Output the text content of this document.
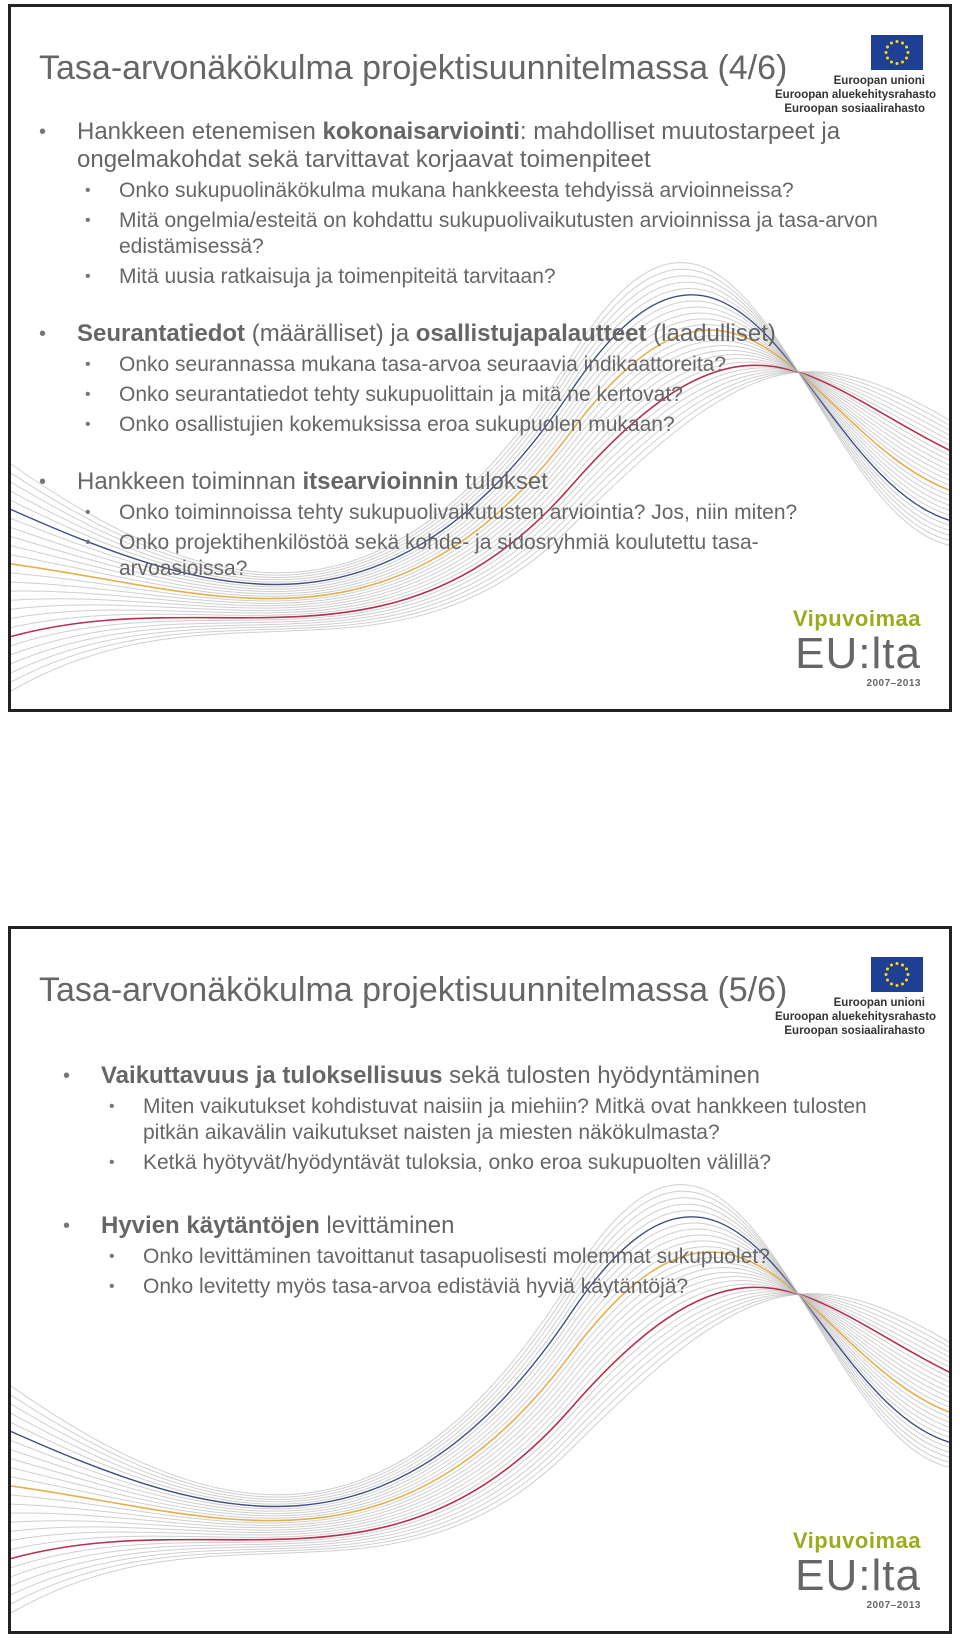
Tasa-arvonäkökulma projektisuunnitelmassa (4/6)	Euroopan unioni
Euroopan aluekehitysrahasto
Euroopan sosiaalirahasto
• Hankkeen etenemisen kokonaisarviointi: mahdolliset muutostarpeet ja ongelmakohdat sekä tarvittavat korjaavat toimenpiteet
• Onko sukupuolinäkökulma mukana hankkeesta tehdyissä arvioinneissa?
• Mitä ongelmia/esteitä on kohdattu sukupuolivaikutusten arvioinnissa ja tasa-arvon edistämisessä?
• Mitä uusia ratkaisuja ja toimenpiteitä tarvitaan?
• Seurantatiedot (määrälliset) ja osallistujapalautteet (laadulliset)
• Onko seurannassa mukana tasa-arvoa seuraavia indikaattoreita?
• Onko seurantatiedot tehty sukupuolittain ja mitä ne kertovat?
• Onko osallistujien kokemuksissa eroa sukupuolen mukaan?
• Hankkeen toiminnan itsearvioinnin tulokset
• Onko toiminnoissa tehty sukupuolivaikutusten arviointia? Jos, niin miten?
• Onko projektihenkilöstöä sekä kohde- ja sidosryhmiä koulutettu tasa-arvoasioissa?
Vipuvoimaa
EU:lta
2007–2013
Tasa-arvonäkökulma projektisuunnitelmassa (5/6)	Euroopan unioni
Euroopan aluekehitysrahasto
Euroopan sosiaalirahasto
• Vaikuttavuus ja tuloksellisuus sekä tulosten hyödyntäminen
• Miten vaikutukset kohdistuvat naisiin ja miehiin? Mitkä ovat hankkeen tulosten pitkän aikavälin vaikutukset naisten ja miesten näkökulmasta?
• Ketkä hyötyvät/hyödyntävät tuloksia, onko eroa sukupuolten välillä?
• Hyvien käytäntöjen levittäminen
• Onko levittäminen tavoittanut tasapuolisesti molemmat sukupuolet?
• Onko levitetty myös tasa-arvoa edistäviä hyviä käytäntöjä?
Vipuvoimaa
EU:lta
2007–2013
